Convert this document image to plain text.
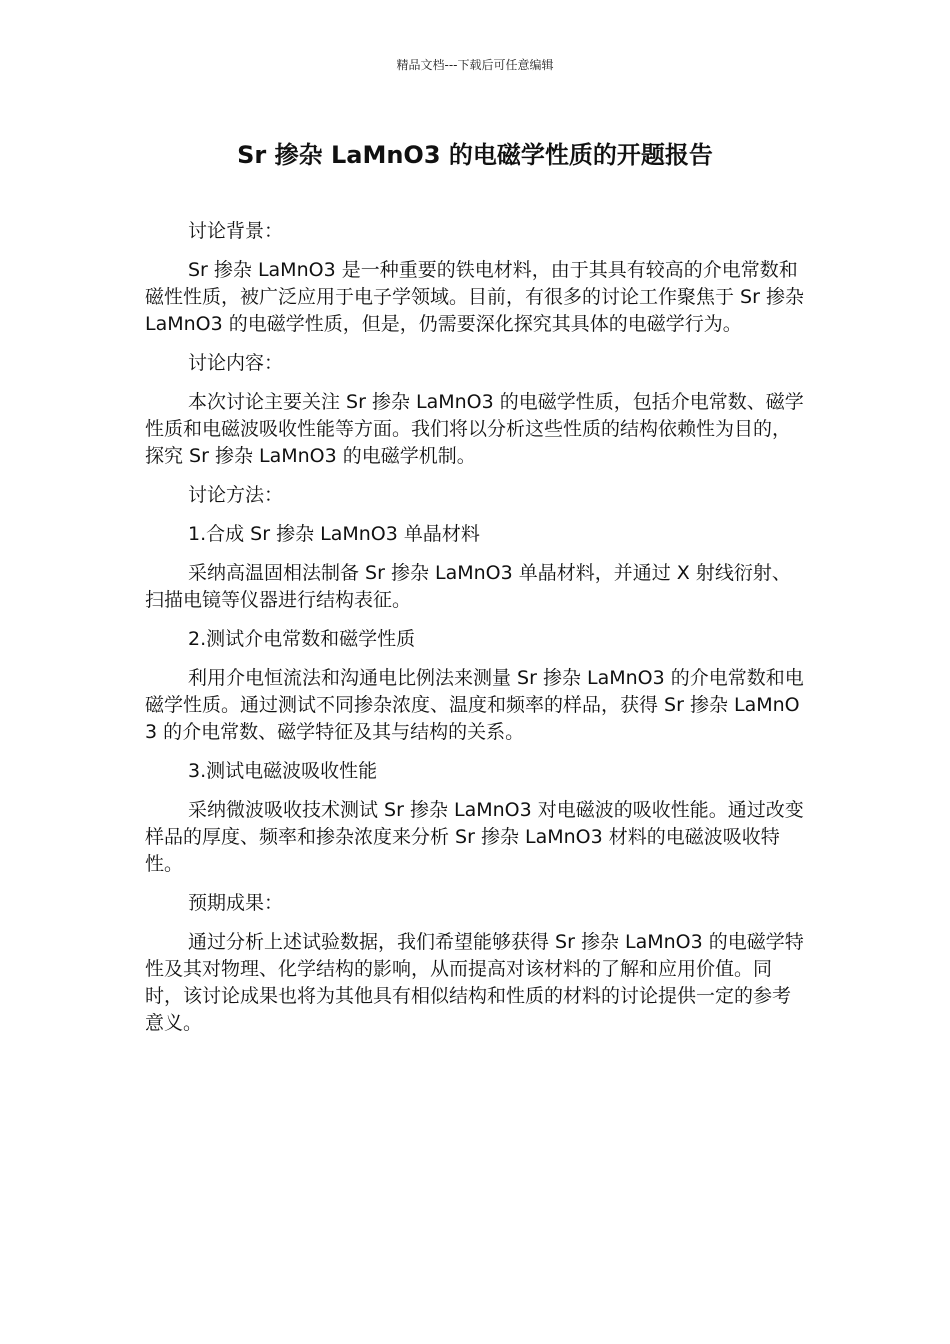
精品文档---下载后可任意编辑
Sr 掺杂 LaMnO3 的电磁学性质的开题报告

讨论背景：

Sr 掺杂 LaMnO3 是一种重要的铁电材料，由于其具有较高的介电常数和磁性性质，被广泛应用于电子学领域。目前，有很多的讨论工作聚焦于 Sr 掺杂 LaMnO3 的电磁学性质，但是，仍需要深化探究其具体的电磁学行为。

讨论内容：

本次讨论主要关注 Sr 掺杂 LaMnO3 的电磁学性质，包括介电常数、磁学性质和电磁波吸收性能等方面。我们将以分析这些性质的结构依赖性为目的，探究 Sr 掺杂 LaMnO3 的电磁学机制。

讨论方法：

1.合成 Sr 掺杂 LaMnO3 单晶材料

采纳高温固相法制备 Sr 掺杂 LaMnO3 单晶材料，并通过 X 射线衍射、扫描电镜等仪器进行结构表征。

2.测试介电常数和磁学性质

利用介电恒流法和沟通电比例法来测量 Sr 掺杂 LaMnO3 的介电常数和电磁学性质。通过测试不同掺杂浓度、温度和频率的样品，获得 Sr 掺杂 LaMnO3 的介电常数、磁学特征及其与结构的关系。

3.测试电磁波吸收性能

采纳微波吸收技术测试 Sr 掺杂 LaMnO3 对电磁波的吸收性能。通过改变样品的厚度、频率和掺杂浓度来分析 Sr 掺杂 LaMnO3 材料的电磁波吸收特性。

预期成果：

通过分析上述试验数据，我们希望能够获得 Sr 掺杂 LaMnO3 的电磁学特性及其对物理、化学结构的影响，从而提高对该材料的了解和应用价值。同时，该讨论成果也将为其他具有相似结构和性质的材料的讨论提供一定的参考意义。
